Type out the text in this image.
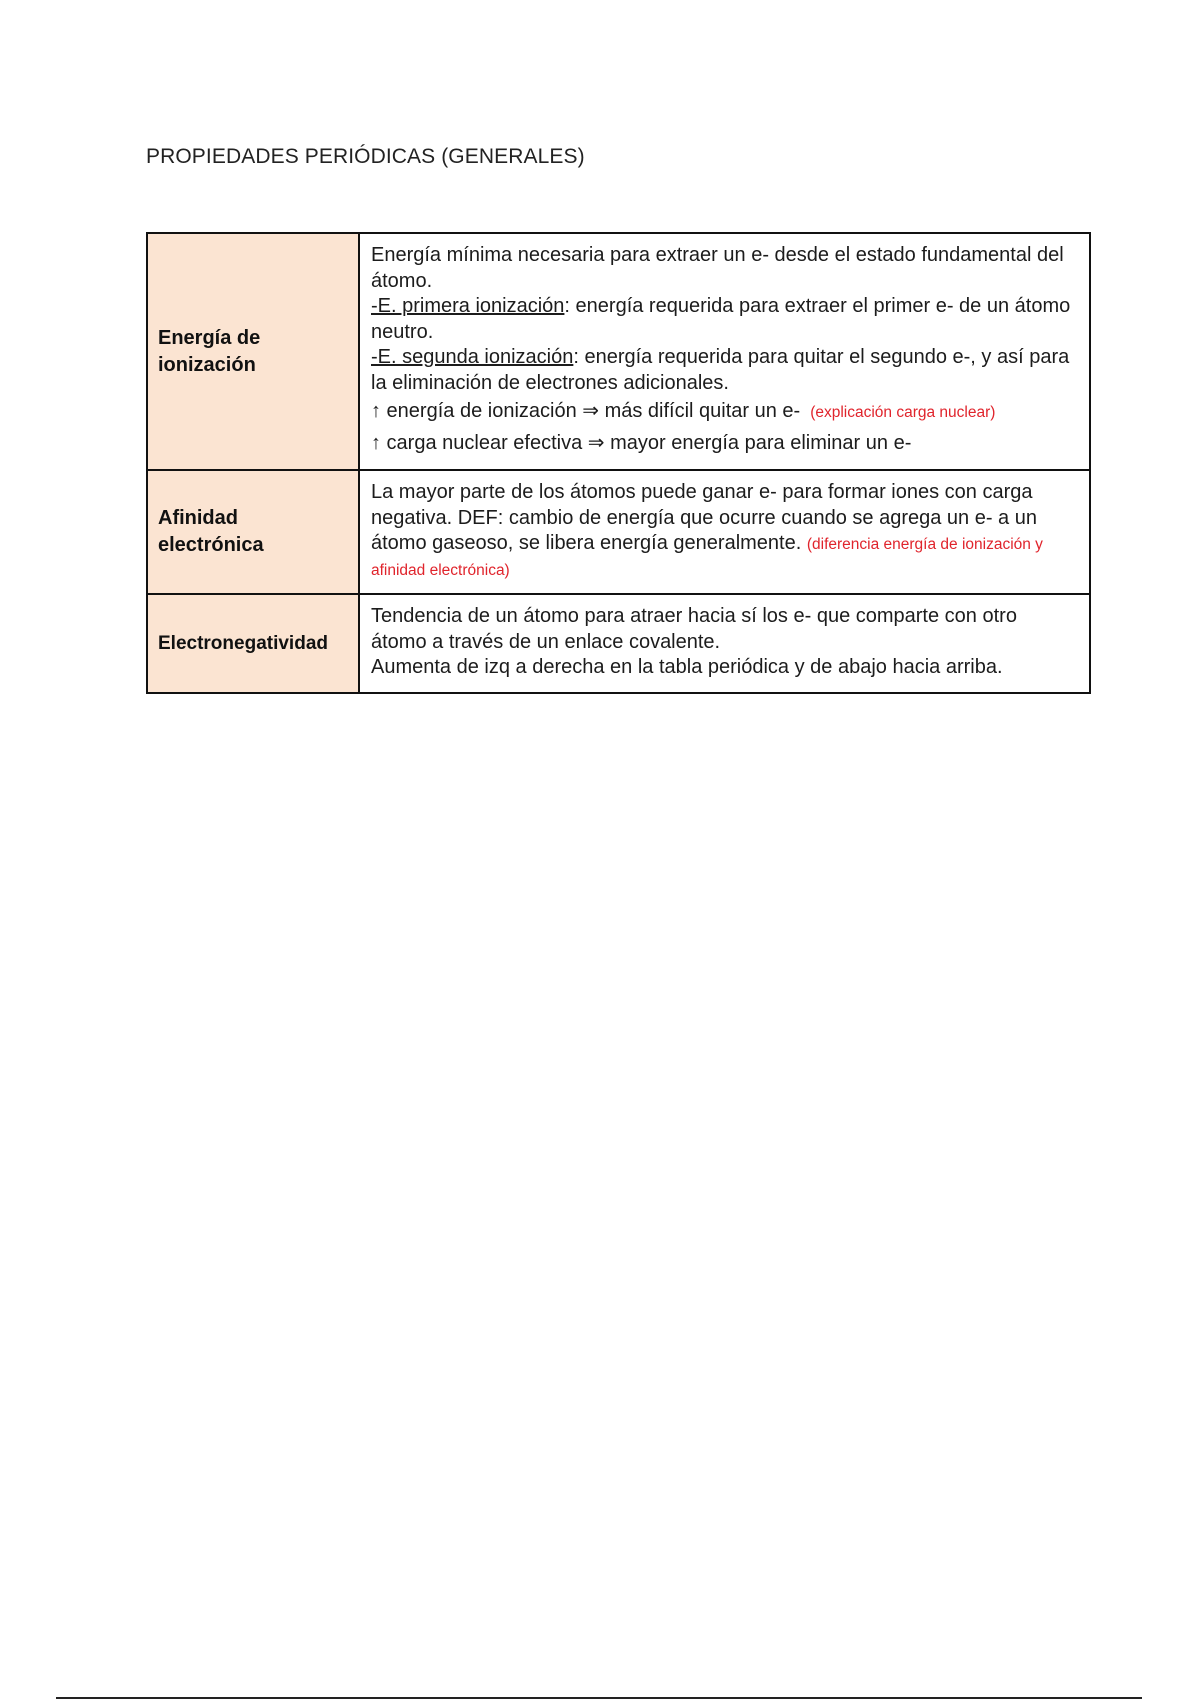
PROPIEDADES PERIÓDICAS (GENERALES)
Energía de ionización	Energía mínima necesaria para extraer un e- desde el estado fundamental del átomo.
-E. primera ionización: energía requerida para extraer el primer e- de un átomo neutro.
-E. segunda ionización: energía requerida para quitar el segundo e-, y así para la eliminación de electrones adicionales.
↑ energía de ionización ⇒ más difícil quitar un e- (explicación carga nuclear)
↑ carga nuclear efectiva ⇒ mayor energía para eliminar un e-

Afinidad electrónica	La mayor parte de los átomos puede ganar e- para formar iones con carga negativa. DEF: cambio de energía que ocurre cuando se agrega un e- a un átomo gaseoso, se libera energía generalmente. (diferencia energía de ionización y afinidad electrónica)
Electronegatividad	Tendencia de un átomo para atraer hacia sí los e- que comparte con otro átomo a través de un enlace covalente.
Aumenta de izq a derecha en la tabla periódica y de abajo hacia arriba.
